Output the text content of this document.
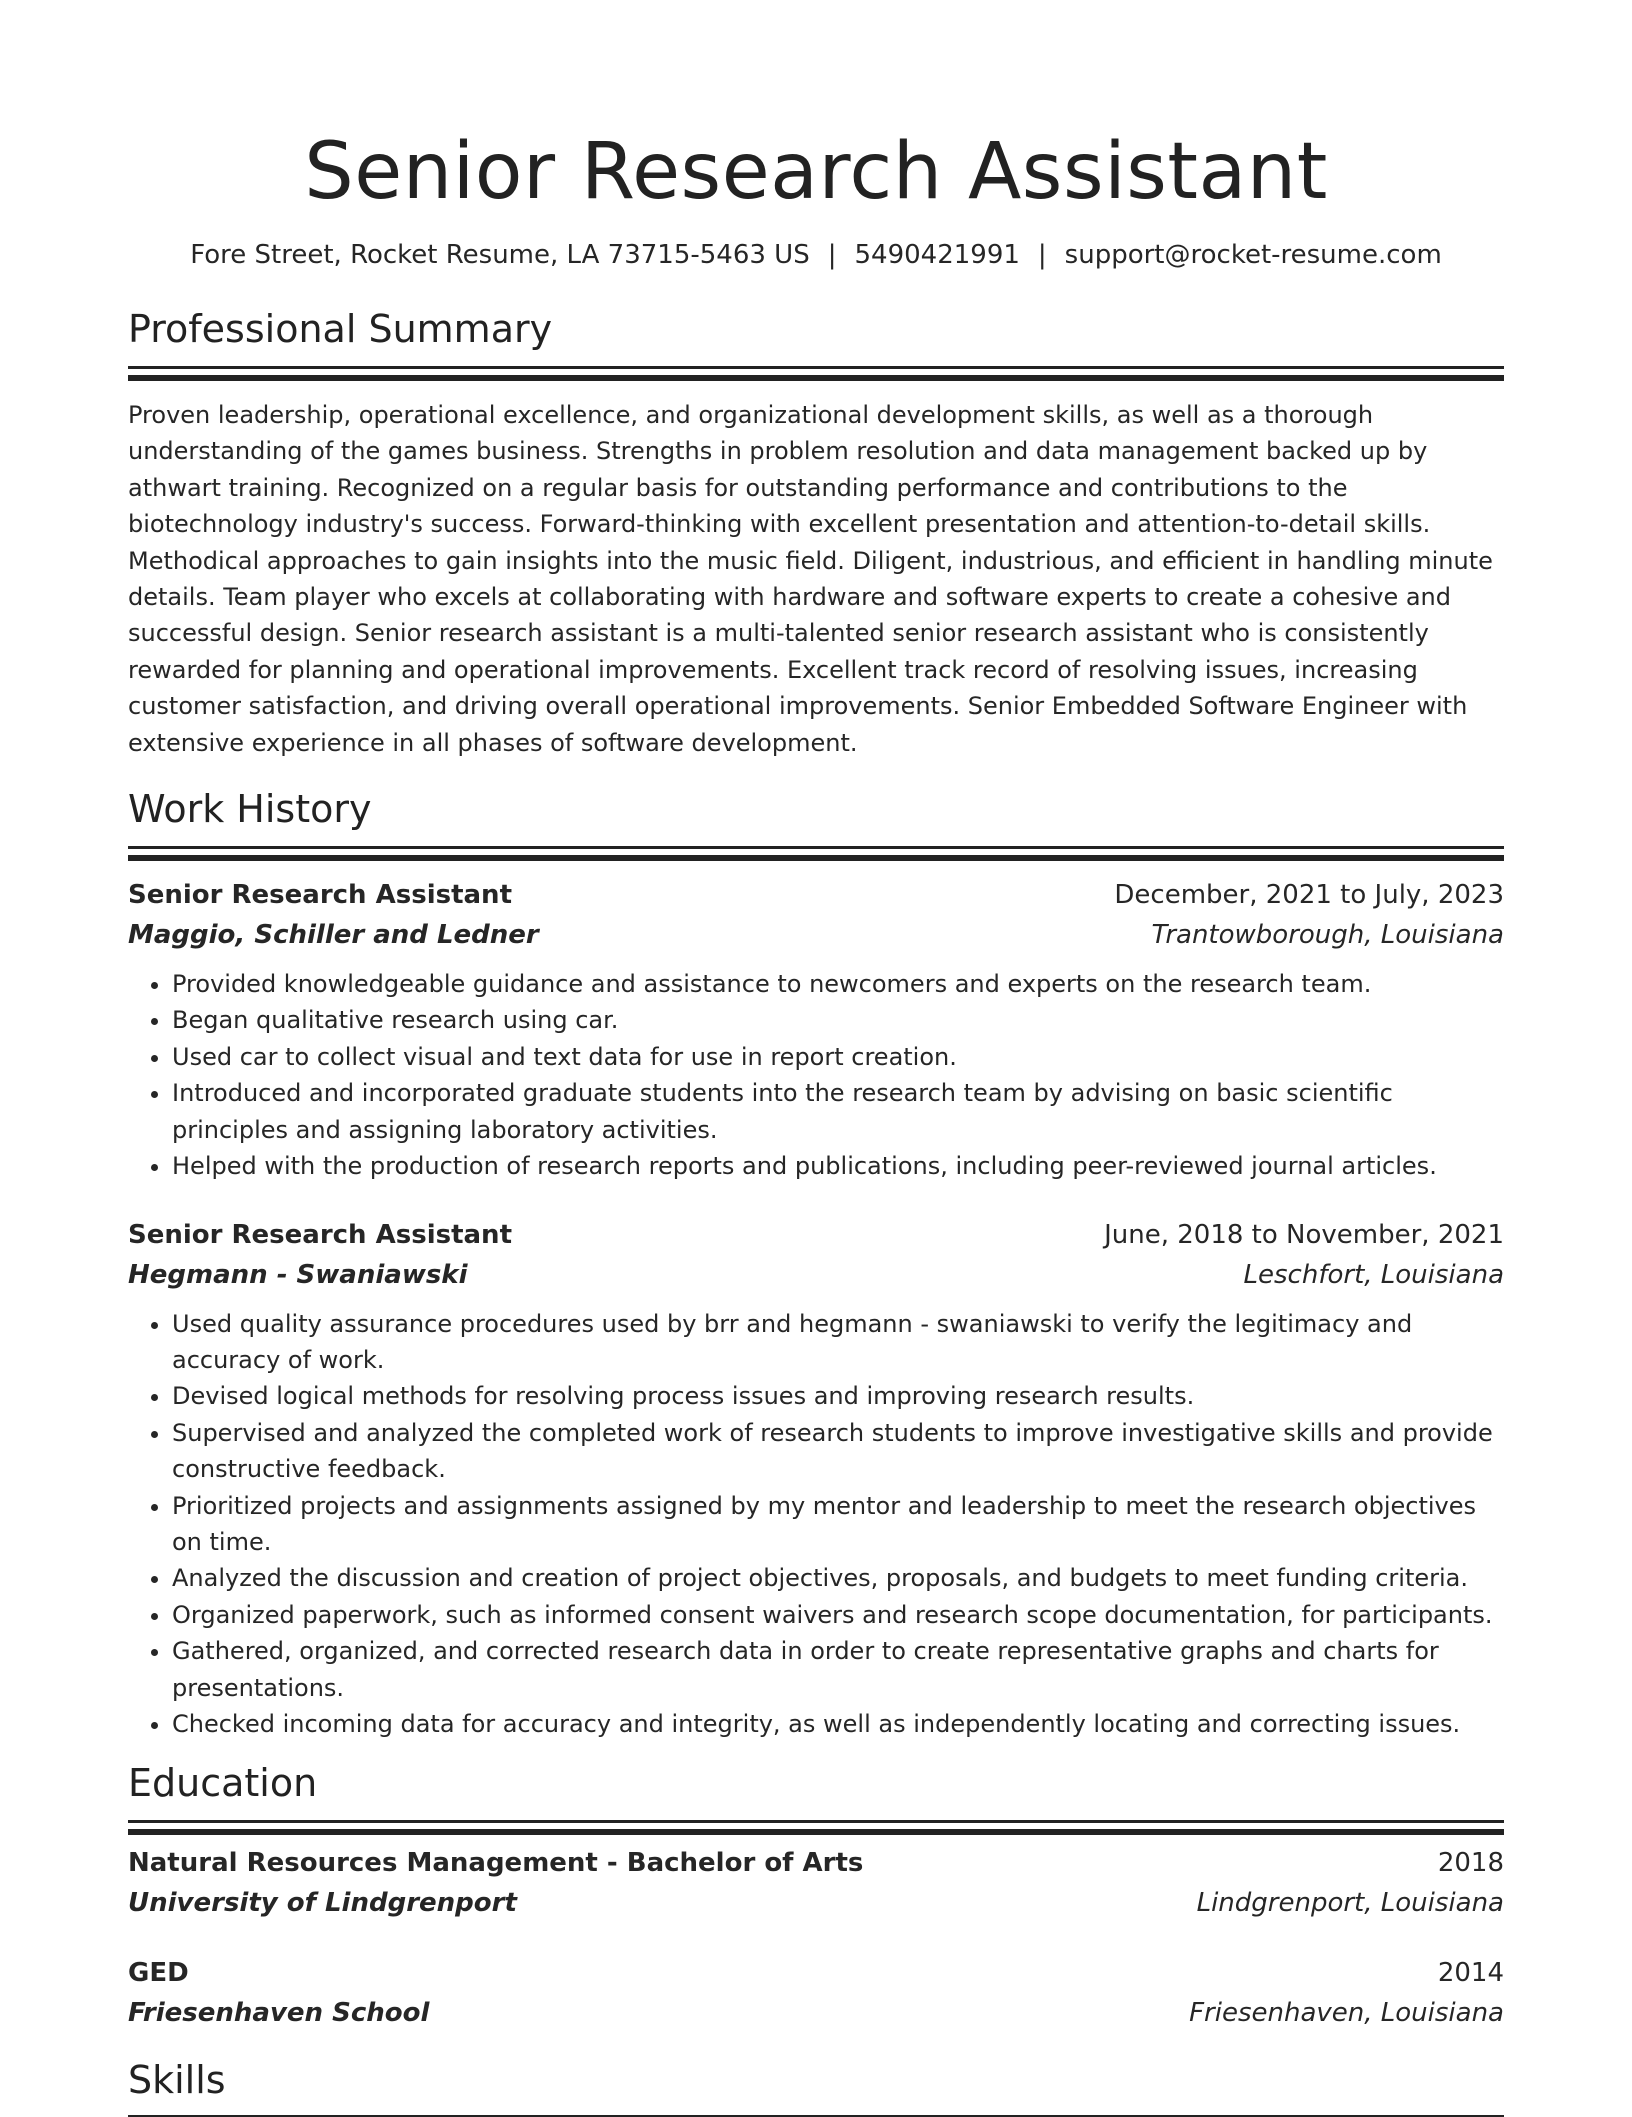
Senior Research Assistant
Fore Street, Rocket Resume, LA 73715-5463 US | 5490421991 | support@rocket-resume.com
Professional Summary

Proven leadership, operational excellence, and organizational development skills, as well as a thorough understanding of the games business. Strengths in problem resolution and data management backed up by athwart training. Recognized on a regular basis for outstanding performance and contributions to the biotechnology industry's success. Forward-thinking with excellent presentation and attention-to-detail skills. Methodical approaches to gain insights into the music field. Diligent, industrious, and efficient in handling minute details. Team player who excels at collaborating with hardware and software experts to create a cohesive and successful design. Senior research assistant is a multi-talented senior research assistant who is consistently rewarded for planning and operational improvements. Excellent track record of resolving issues, increasing customer satisfaction, and driving overall operational improvements. Senior Embedded Software Engineer with extensive experience in all phases of software development.

Work History
Senior Research Assistant	December, 2021 to July, 2023
Maggio, Schiller and Ledner	Trantowborough, Louisiana
• Provided knowledgeable guidance and assistance to newcomers and experts on the research team.
• Began qualitative research using car.
• Used car to collect visual and text data for use in report creation.
• Introduced and incorporated graduate students into the research team by advising on basic scientific principles and assigning laboratory activities.
• Helped with the production of research reports and publications, including peer-reviewed journal articles.
Senior Research Assistant	June, 2018 to November, 2021
Hegmann - Swaniawski	Leschfort, Louisiana
• Used quality assurance procedures used by brr and hegmann - swaniawski to verify the legitimacy and accuracy of work.
• Devised logical methods for resolving process issues and improving research results.
• Supervised and analyzed the completed work of research students to improve investigative skills and provide constructive feedback.
• Prioritized projects and assignments assigned by my mentor and leadership to meet the research objectives on time.
• Analyzed the discussion and creation of project objectives, proposals, and budgets to meet funding criteria.
• Organized paperwork, such as informed consent waivers and research scope documentation, for participants.
• Gathered, organized, and corrected research data in order to create representative graphs and charts for presentations.
• Checked incoming data for accuracy and integrity, as well as independently locating and correcting issues.
Education
Natural Resources Management - Bachelor of Arts	2018
University of Lindgrenport	Lindgrenport, Louisiana
GED	2014
Friesenhaven School	Friesenhaven, Louisiana
Skills
